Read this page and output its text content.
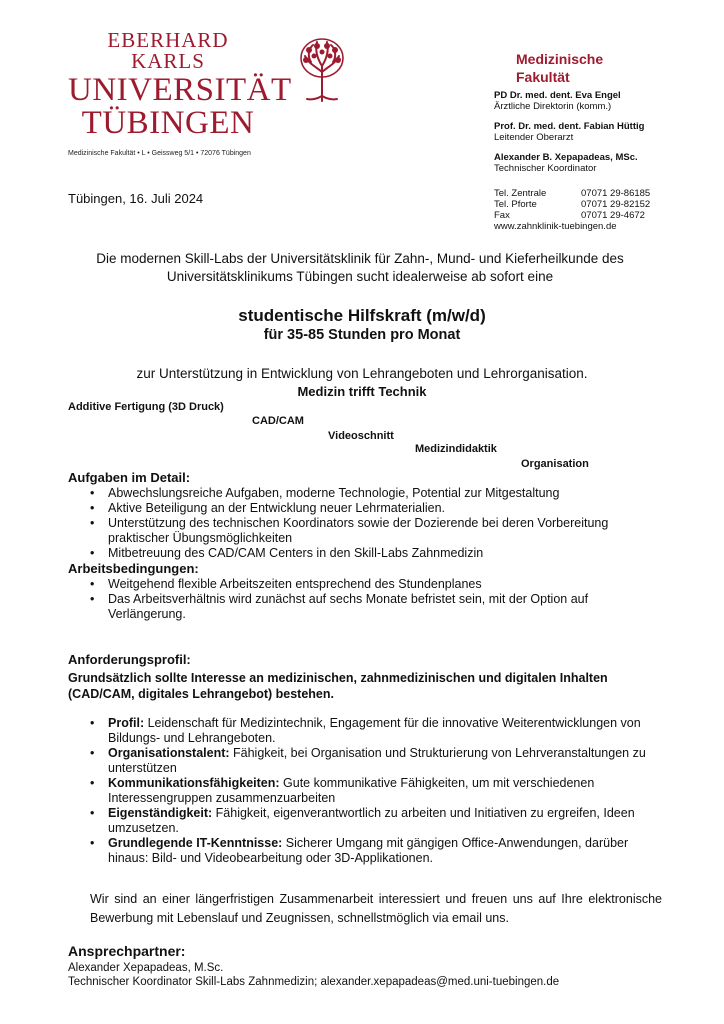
EBERHARD KARLS
UNIVERSITÄT
TÜBINGEN
Medizinische
Fakultät
PD Dr. med. dent. Eva Engel
Ärztliche Direktorin (komm.)
Prof. Dr. med. dent. Fabian Hüttig
Leitender Oberarzt
Alexander B. Xepapadeas, MSc.
Technischer Koordinator
Tel. Zentrale	07071 29-86185
Tel. Pforte	07071 29-82152
Fax	07071 29-4672
www.zahnklinik-tuebingen.de
Medizinische Fakultät • L • Geissweg 5/1 • 72076 Tübingen
Tübingen, 16. Juli 2024
Die modernen Skill-Labs der Universitätsklinik für Zahn-, Mund- und Kieferheilkunde des Universitätsklinikums Tübingen sucht idealerweise ab sofort eine
studentische Hilfskraft (m/w/d)
für 35-85 Stunden pro Monat
zur Unterstützung in Entwicklung von Lehrangeboten und Lehrorganisation.
Medizin trifft Technik
Additive Fertigung (3D Druck)
CAD/CAM
Videoschnitt
Medizindidaktik
Organisation
Aufgaben im Detail:
• Abwechslungsreiche Aufgaben, moderne Technologie, Potential zur Mitgestaltung
• Aktive Beteiligung an der Entwicklung neuer Lehrmaterialien.
• Unterstützung des technischen Koordinators sowie der Dozierende bei deren Vorbereitung praktischer Übungsmöglichkeiten
• Mitbetreuung des CAD/CAM Centers in den Skill-Labs Zahnmedizin
Arbeitsbedingungen:
• Weitgehend flexible Arbeitszeiten entsprechend des Stundenplanes
• Das Arbeitsverhältnis wird zunächst auf sechs Monate befristet sein, mit der Option auf Verlängerung.
Anforderungsprofil:
Grundsätzlich sollte Interesse an medizinischen, zahnmedizinischen und digitalen Inhalten (CAD/CAM, digitales Lehrangebot) bestehen.
• Profil: Leidenschaft für Medizintechnik, Engagement für die innovative Weiterentwicklungen von Bildungs- und Lehrangeboten.
• Organisationstalent: Fähigkeit, bei Organisation und Strukturierung von Lehrveranstaltungen zu unterstützen
• Kommunikationsfähigkeiten: Gute kommunikative Fähigkeiten, um mit verschiedenen Interessengruppen zusammenzuarbeiten
• Eigenständigkeit: Fähigkeit, eigenverantwortlich zu arbeiten und Initiativen zu ergreifen, Ideen umzusetzen.
• Grundlegende IT-Kenntnisse: Sicherer Umgang mit gängigen Office-Anwendungen, darüber hinaus: Bild- und Videobearbeitung oder 3D-Applikationen.
Wir sind an einer längerfristigen Zusammenarbeit interessiert und freuen uns auf Ihre elektronische Bewerbung mit Lebenslauf und Zeugnissen, schnellstmöglich via email uns.
Ansprechpartner:
Alexander Xepapadeas, M.Sc.
Technischer Koordinator Skill-Labs Zahnmedizin; alexander.xepapadeas@med.uni-tuebingen.de
